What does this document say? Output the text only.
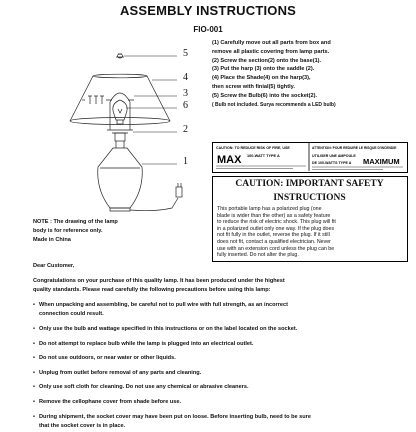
ASSEMBLY INSTRUCTIONS
FIO-001
5
4
3
6
2
1
(1) Carefully move out all parts from box and
remove all plastic covering from lamp parts.
(2) Screw the section(2) onto the base(1).
(3) Put the harp (3) onto the saddle (2).
(4) Place the Shade(4) on the harp(3),
then screw with finial(5) tightly.
(5) Screw the Bulb(6) into the socket(2).
( Bulb not included. Surya recommends a LED bulb)
CAUTION: TO REDUCE RISK OF FIRE, USE	ATTENTION: POUR REDUIRE LE RISQUE D'INCENDIE
MAX 100-WATT TYPE A	UTILISER UNE AMPOULE
DE 100-WATTS TYPE A MAXIMUM
CAUTION: IMPORTANT SAFETY
INSTRUCTIONS
This portable lamp has a polarized plug (one
blade is wider than the other) as a safety feature
to reduce the risk of electric shock. This plug will fit
in a polarized outlet only one way. If the plug does
not fit fully in the outlet, reverse the plug. If it still
does not fit, contact a qualified electrician. Never
use with an extension cord unless the plug can be
fully inserted. Do not alter the plug.
NOTE : The drawing of the lamp
body is for reference only.
Made in China
Dear Customer,
Congratulations on your purchase of this quality lamp. It has been produced under the highest
quality standards. Please read carefully the following precautions before using this lamp:
• When unpacking and assembling, be careful not to pull wire with full strength, as an incorrect
connection could result.
• Only use the bulb and wattage specified in this instructions or on the label located on the socket.
• Do not attempt to replace bulb while the lamp is plugged into an electrical outlet.
• Do not use outdoors, or near water or other liquids.
• Unplug from outlet before removal of any parts and cleaning.
• Only use soft cloth for cleaning. Do not use any chemical or abrasive cleaners.
• Remove the cellophane cover from shade before use.
• During shipment, the socket cover may have been put on loose. Before inserting bulb, need to be sure
that the socket cover is in place.
